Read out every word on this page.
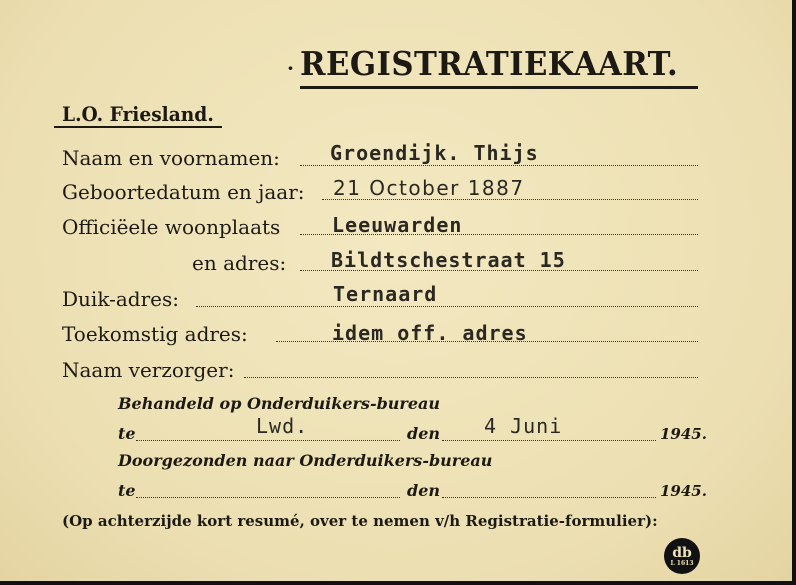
· REGISTRATIEKAART.
L.O. Friesland.
Naam en voornamen:	Groendijk. Thijs
Geboortedatum en jaar: 21 October 1887
Officiëele woonplaats	Leeuwarden
en adres: Bildtschestraat 15
Duik-adres:	Ternaard
Toekomstig adres:	idem off. adres
Naam verzorger:
Behandeld op Onderduikers-bureau
te	Lwd.	den 4 Juni	1945.
Doorgezonden naar Onderduikers-bureau
te	den	1945.
(Op achterzijde kort resumé, over te nemen v/h Registratie-formulier):
db
L 1613
